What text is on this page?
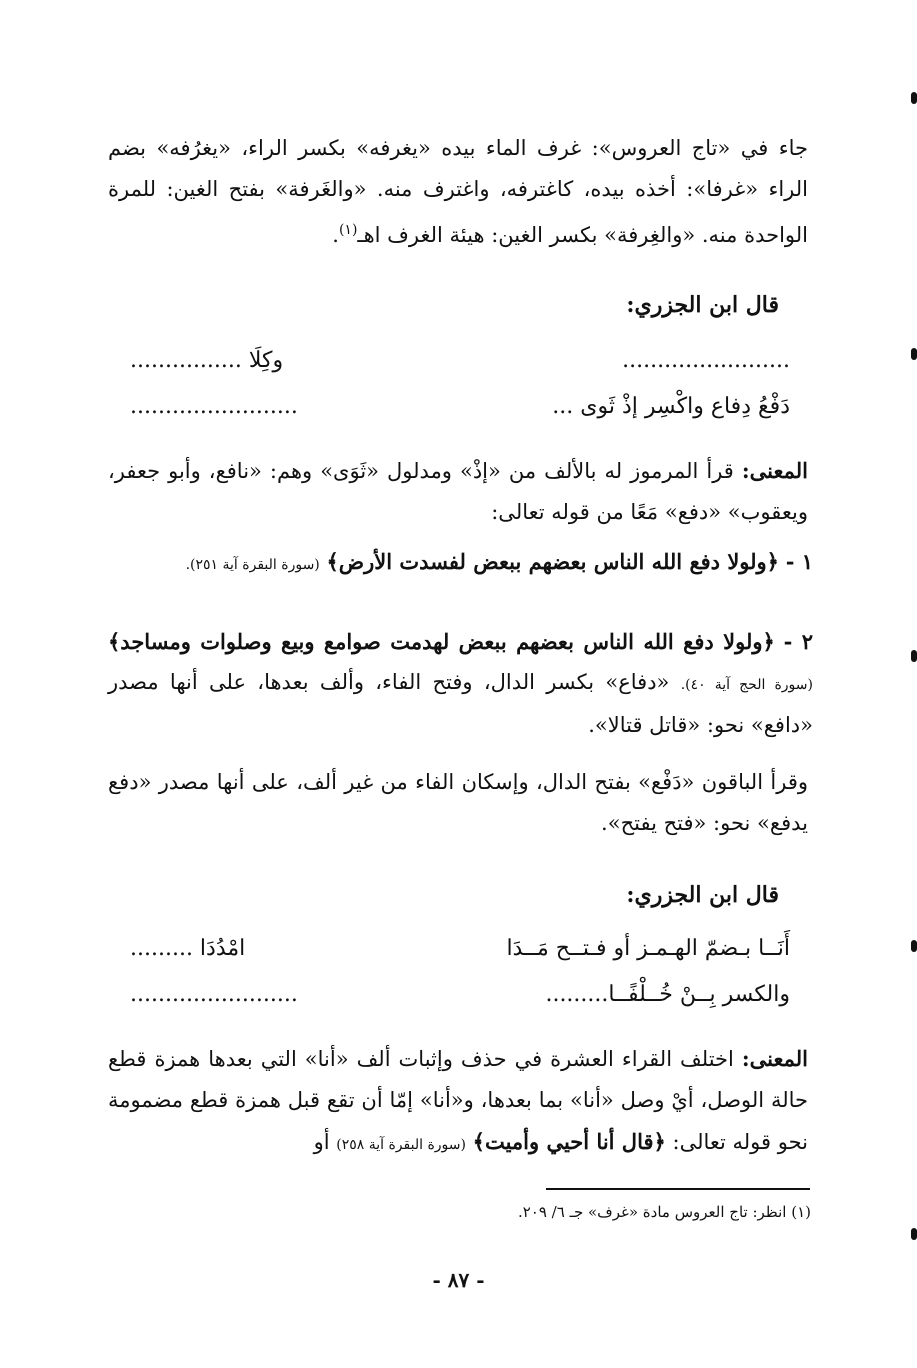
جاء في «تاج العروس»: غرف الماء بيده «يغرفه» بكسر الراء، «يغرُفه» بضم الراء «غرفا»: أخذه بيده، كاغترفه، واغترف منه. «والغَرفة» بفتح الغين: للمرة الواحدة منه. «والغِرفة» بكسر الغين: هيئة الغرف اهـ$^{(١)}$.

قال ابن الجزري:
........................
وكِلَا ................
دَفْعُ دِفاع واكْسِر إذْ ثَوى ...
........................

المعنى: قرأ المرموز له بالألف من «إذْ» ومدلول «ثَوَى» وهم: «نافع، وأبو جعفر، ويعقوب» «دفع» مَعًا من قوله تعالى:

١ - ﴿ولولا دفع الله الناس بعضهم ببعض لفسدت الأرض﴾ (سورة البقرة آية ٢٥١).
٢ - ﴿ولولا دفع الله الناس بعضهم ببعض لهدمت صوامع وبيع وصلوات ومساجد﴾ (سورة الحج آية ٤٠). «دفاع» بكسر الدال، وفتح الفاء، وألف بعدها، على أنها مصدر «دافع» نحو: «قاتل قتالا».

وقرأ الباقون «دَفْع» بفتح الدال، وإسكان الفاء من غير ألف، على أنها مصدر «دفع يدفع» نحو: «فتح يفتح».

قال ابن الجزري:
أَنَــا بـضمّ الهـمـز أو فـتــح مَــدَا
امْدُدَا .........
والكسر بِــنْ خُــلْفًــا.........
........................

المعنى: اختلف القراء العشرة في حذف وإثبات ألف «أنا» التي بعدها همزة قطع حالة الوصل، أيْ وصل «أنا» بما بعدها، و«أنا» إمّا أن تقع قبل همزة قطع مضمومة نحو قوله تعالى: ﴿قال أنا أحيي وأميت﴾ (سورة البقرة آية ٢٥٨) أو

(١) انظر: تاج العروس مادة «غرف» جـ ٦/ ٢٠٩.
- ٨٧ -
